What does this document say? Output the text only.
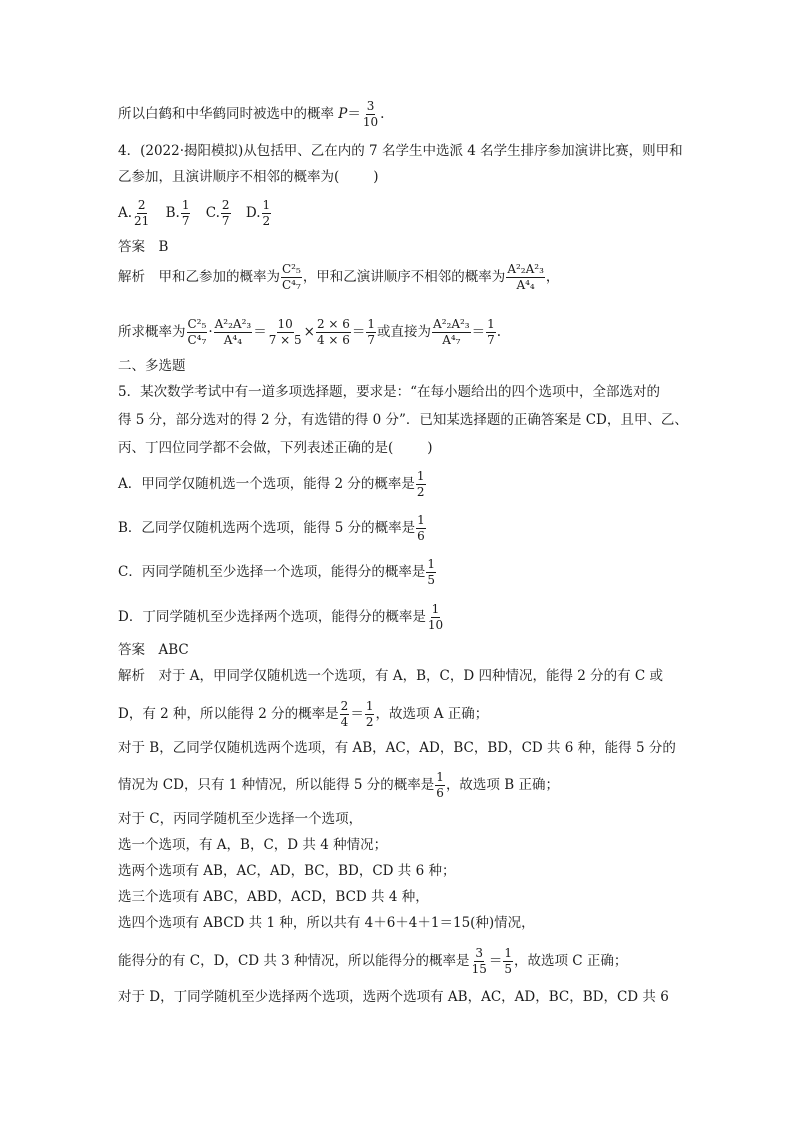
所以白鹤和中华鹤同时被选中的概率 $P= \frac{3}{10}$ .
4．(2022·揭阳模拟)从包括甲、乙在内的 7 名学生中选派 4 名学生排序参加演讲比赛，则甲和
乙参加，且演讲顺序不相邻的概率为(	)
A. $\frac{2}{21} B$. $\frac{1}{7} C$. $\frac{2}{7} D$. $\frac{1}{2}$
答案　B
解析　甲和乙参加的概率为 $\frac{\text{C²₅}}{\text{C⁴₇}}$ ，甲和乙演讲顺序不相邻的概率为 $\frac{\text{A²₂A²₃}}{\text{A⁴₄}}$ ，
所求概率为 $\frac{\text{C²₅}}{\text{C⁴₇}} \cdot \frac{\text{A²₂A²₃}}{\text{A⁴₄}} = \frac{10}{7 \times 5} \times \frac{2 \times 6}{4 \times 6} = \frac{1}{7}$ 或直接为 $\frac{\text{A²₂A²₃}}{\text{A⁴₇}} = \frac{1}{7}$ .
二、多选题
5．某次数学考试中有一道多项选择题，要求是：“在每小题给出的四个选项中，全部选对的
得 5 分，部分选对的得 2 分，有选错的得 0 分”．已知某选择题的正确答案是 CD，且甲、乙、
丙、丁四位同学都不会做，下列表述正确的是(	)
A．甲同学仅随机选一个选项，能得 2 分的概率是 $\frac{1}{2}$
B．乙同学仅随机选两个选项，能得 5 分的概率是 $\frac{1}{6}$
C．丙同学随机至少选择一个选项，能得分的概率是 $\frac{1}{5}$
D．丁同学随机至少选择两个选项，能得分的概率是 $\frac{1}{10}$
答案　ABC
解析　对于 A，甲同学仅随机选一个选项，有 A，B，C，D 四种情况，能得 2 分的有 C 或
D，有 2 种，所以能得 2 分的概率是 $\frac{2}{4} = \frac{1}{2}$ ，故选项 A 正确；
对于 B，乙同学仅随机选两个选项，有 AB，AC，AD，BC，BD，CD 共 6 种，能得 5 分的
情况为 CD，只有 1 种情况，所以能得 5 分的概率是 $\frac{1}{6}$ ，故选项 B 正确；
对于 C，丙同学随机至少选择一个选项，
选一个选项，有 A，B，C，D 共 4 种情况；
选两个选项有 AB，AC，AD，BC，BD，CD 共 6 种；
选三个选项有 ABC，ABD，ACD，BCD 共 4 种，
选四个选项有 ABCD 共 1 种，所以共有 4＋6＋4＋1＝15(种)情况，
能得分的有 C，D，CD 共 3 种情况，所以能得分的概率是 $\frac{3}{15} = \frac{1}{5}$ ，故选项 C 正确；
对于 D，丁同学随机至少选择两个选项，选两个选项有 AB，AC，AD，BC，BD，CD 共 6
